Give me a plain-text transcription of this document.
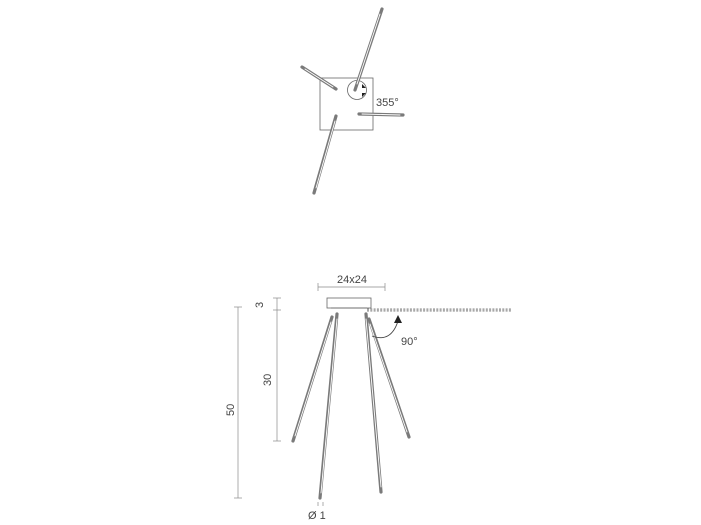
355°
24x24
90°
3
30
50
Ø 1
